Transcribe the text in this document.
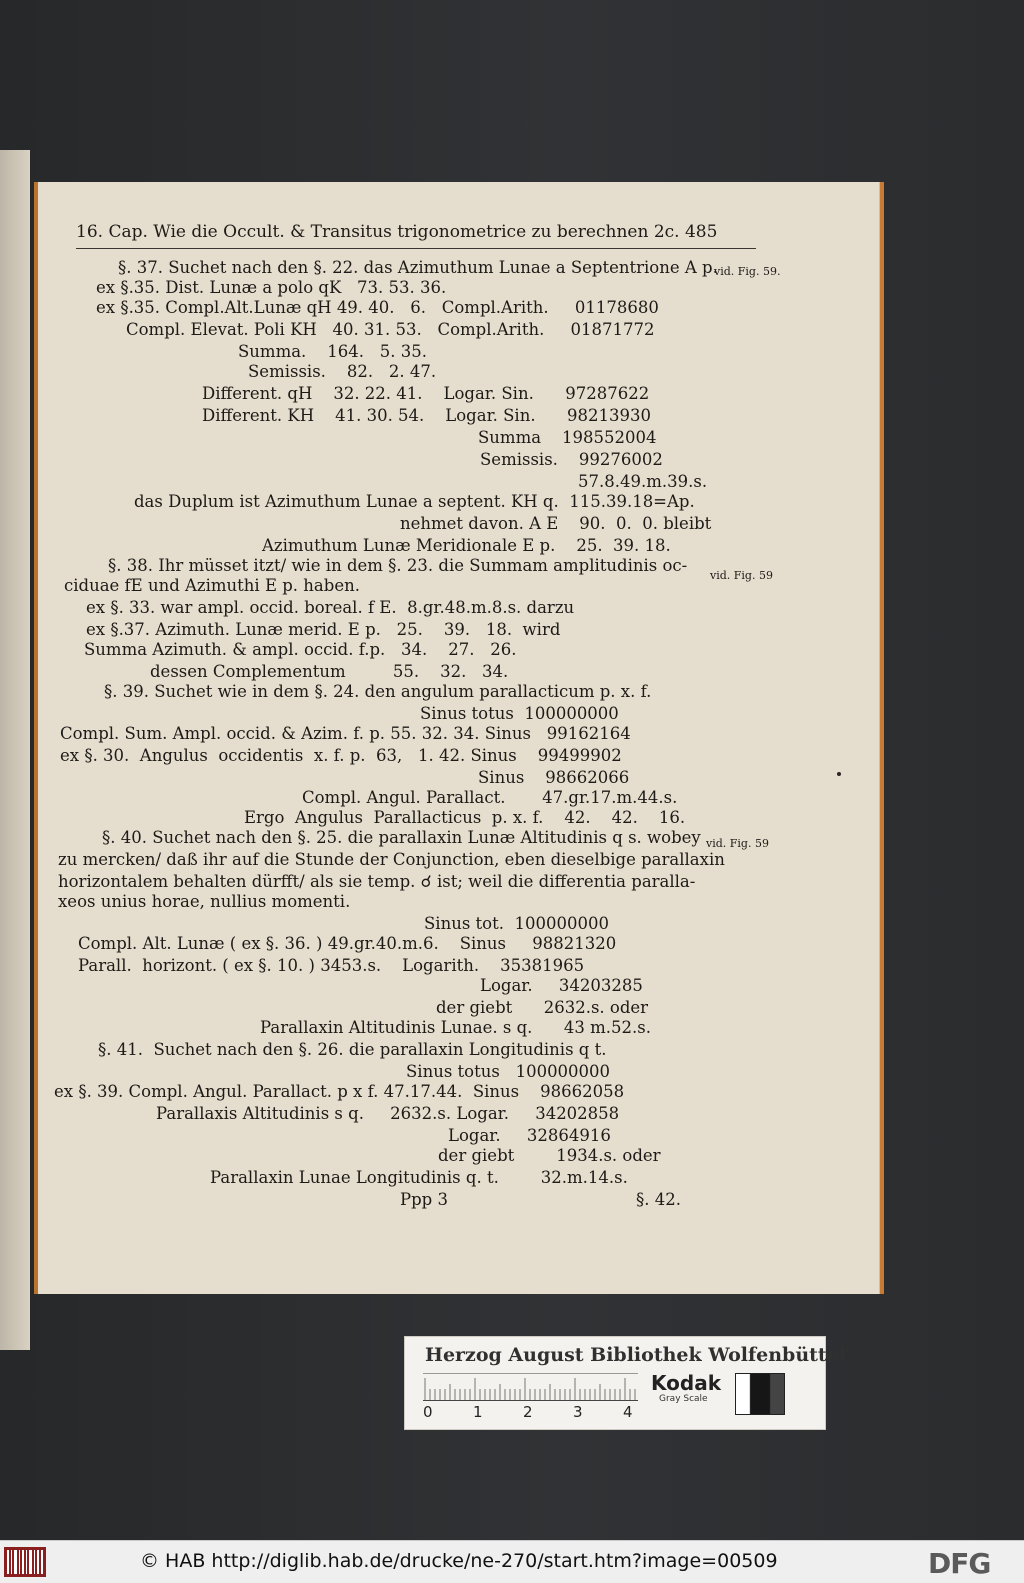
16. Cap. Wie die Occult. & Transitus trigonometrice zu berechnen 2c. 485
§. 37. Suchet nach den §. 22. das Azimuthum Lunae a Septentrione A p.
vid. Fig. 59.
ex §.35. Dist. Lunæ a polo qK   73. 53. 36.
ex §.35. Compl.Alt.Lunæ qH 49. 40.   6.   Compl.Arith.     01178680
Compl. Elevat. Poli KH   40. 31. 53.   Compl.Arith.     01871772
Summa.    164.   5. 35.
Semissis.    82.   2. 47.
Different. qH    32. 22. 41.    Logar. Sin.      97287622
Different. KH    41. 30. 54.    Logar. Sin.      98213930
Summa    198552004
Semissis.    99276002
57.8.49.m.39.s.
das Duplum ist Azimuthum Lunae a septent. KH q.  115.39.18=Ap.
nehmet davon. A E    90.  0.  0. bleibt
Azimuthum Lunæ Meridionale E p.    25.  39. 18.
§. 38. Ihr müsset itzt/ wie in dem §. 23. die Summam amplitudinis oc-
vid. Fig. 59
ciduae fE und Azimuthi E p. haben.
ex §. 33. war ampl. occid. boreal. f E.  8.gr.48.m.8.s. darzu
ex §.37. Azimuth. Lunæ merid. E p.   25.    39.   18.  wird
Summa Azimuth. & ampl. occid. f.p.   34.    27.   26.
dessen Complementum         55.    32.   34.
§. 39. Suchet wie in dem §. 24. den angulum parallacticum p. x. f.
Sinus totus  100000000
Compl. Sum. Ampl. occid. & Azim. f. p. 55. 32. 34. Sinus   99162164
ex §. 30.  Angulus  occidentis  x. f. p.  63,   1. 42. Sinus    99499902
Sinus    98662066
Compl. Angul. Parallact.       47.gr.17.m.44.s.
Ergo  Angulus  Parallacticus  p. x. f.    42.    42.    16.
§. 40. Suchet nach den §. 25. die parallaxin Lunæ Altitudinis q s. wobey vid. Fig. 59
zu mercken/ daß ihr auf die Stunde der Conjunction, eben dieselbige parallaxin
horizontalem behalten dürfft/ als sie temp. ☌ ist; weil die differentia paralla-
xeos unius horae, nullius momenti.
Sinus tot.  100000000
Compl. Alt. Lunæ ( ex §. 36. ) 49.gr.40.m.6.    Sinus     98821320
Parall.  horizont. ( ex §. 10. ) 3453.s.    Logarith.    35381965
Logar.     34203285
der giebt      2632.s. oder
Parallaxin Altitudinis Lunae. s q.      43 m.52.s.
§. 41.  Suchet nach den §. 26. die parallaxin Longitudinis q t.
Sinus totus   100000000
ex §. 39. Compl. Angul. Parallact. p x f. 47.17.44.  Sinus    98662058
Parallaxis Altitudinis s q.     2632.s. Logar.     34202858
Logar.     32864916
der giebt        1934.s. oder
Parallaxin Lunae Longitudinis q. t.        32.m.14.s.
Ppp 3	§. 42.
Herzog August Bibliothek Wolfenbüttel
0	1	2	3	4
Kodak
Gray Scale
© HAB http://diglib.hab.de/drucke/ne-270/start.htm?image=00509	DFG
